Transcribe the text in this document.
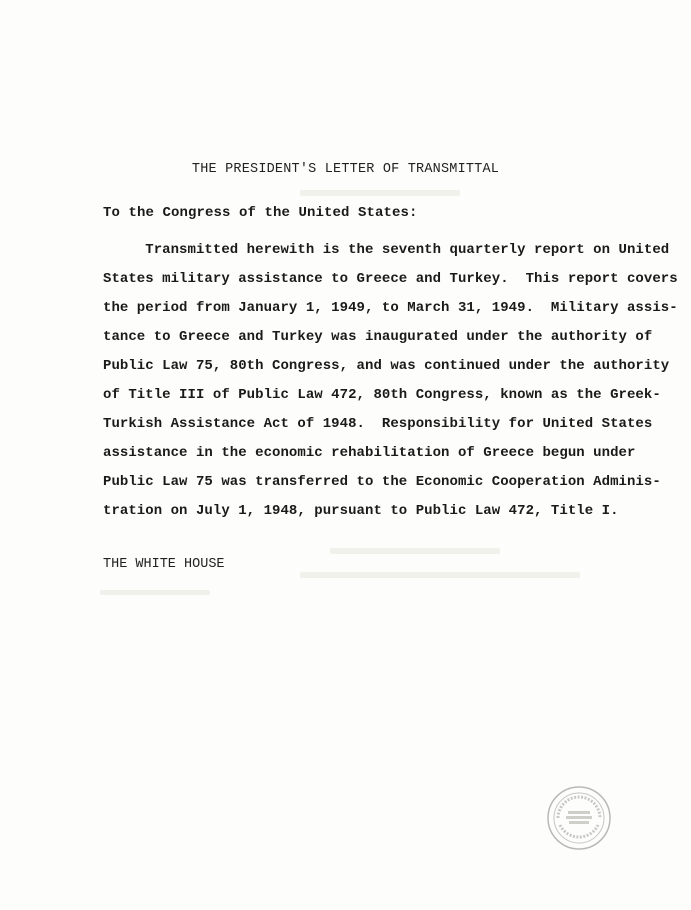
THE PRESIDENT'S LETTER OF TRANSMITTAL
To the Congress of the United States:
Transmitted herewith is the seventh quarterly report on United
States military assistance to Greece and Turkey.  This report covers
the period from January 1, 1949, to March 31, 1949.  Military assis-
tance to Greece and Turkey was inaugurated under the authority of
Public Law 75, 80th Congress, and was continued under the authority
of Title III of Public Law 472, 80th Congress, known as the Greek-
Turkish Assistance Act of 1948.  Responsibility for United States
assistance in the economic rehabilitation of Greece begun under
Public Law 75 was transferred to the Economic Cooperation Adminis-
tration on July 1, 1948, pursuant to Public Law 472, Title I.
THE WHITE HOUSE
